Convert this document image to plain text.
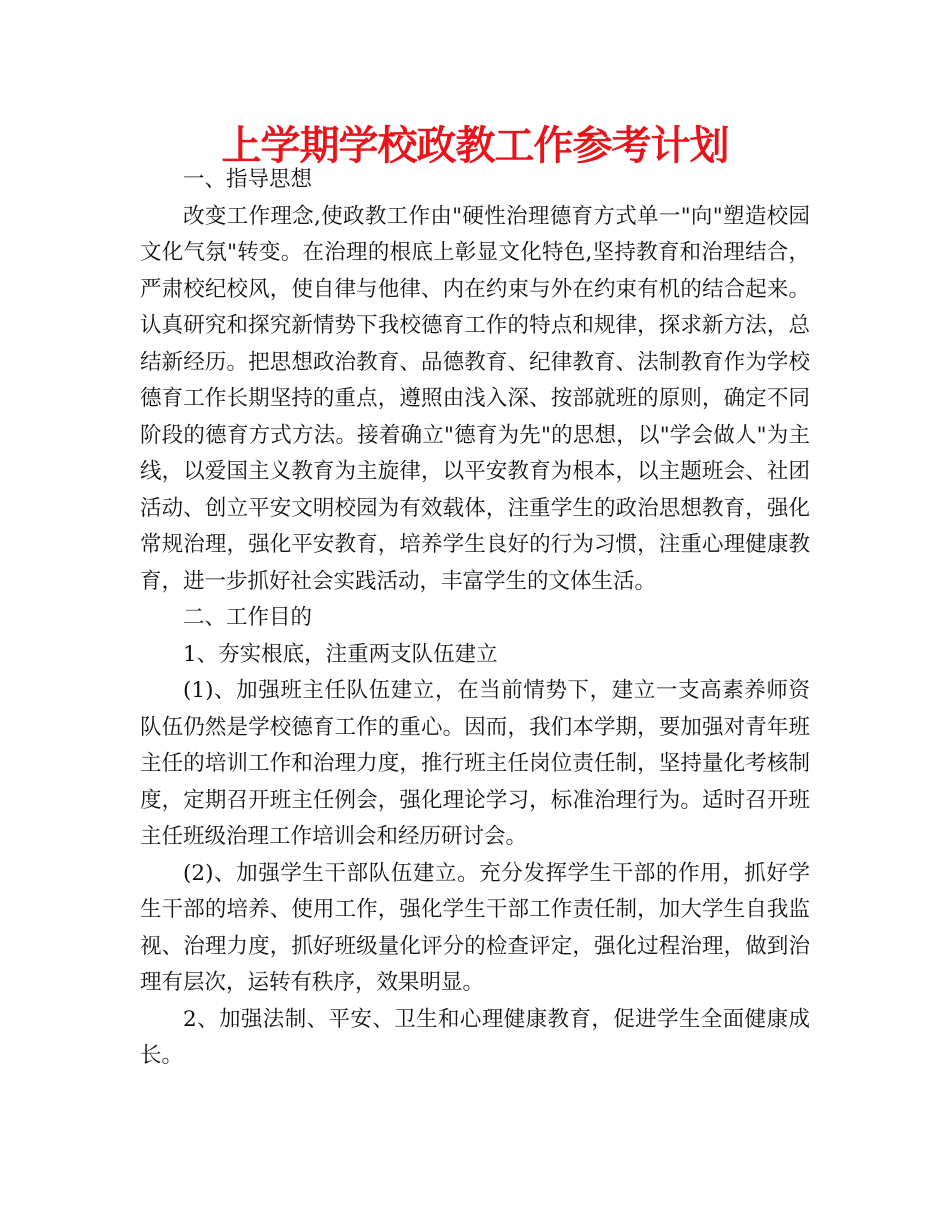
上学期学校政教工作参考计划

一、指导思想

改变工作理念,使政教工作由"硬性治理德育方式单一"向"塑造校园文化气氛"转变。在治理的根底上彰显文化特色,坚持教育和治理结合，严肃校纪校风，使自律与他律、内在约束与外在约束有机的结合起来。认真研究和探究新情势下我校德育工作的特点和规律，探求新方法，总结新经历。把思想政治教育、品德教育、纪律教育、法制教育作为学校德育工作长期坚持的重点，遵照由浅入深、按部就班的原则，确定不同阶段的德育方式方法。接着确立"德育为先"的思想，以"学会做人"为主线，以爱国主义教育为主旋律，以平安教育为根本，以主题班会、社团活动、创立平安文明校园为有效载体，注重学生的政治思想教育，强化常规治理，强化平安教育，培养学生良好的行为习惯，注重心理健康教育，进一步抓好社会实践活动，丰富学生的文体生活。

二、工作目的

1、夯实根底，注重两支队伍建立

(1)、加强班主任队伍建立，在当前情势下，建立一支高素养师资队伍仍然是学校德育工作的重心。因而，我们本学期，要加强对青年班主任的培训工作和治理力度，推行班主任岗位责任制，坚持量化考核制度，定期召开班主任例会，强化理论学习，标准治理行为。适时召开班主任班级治理工作培训会和经历研讨会。

(2)、加强学生干部队伍建立。充分发挥学生干部的作用，抓好学生干部的培养、使用工作，强化学生干部工作责任制，加大学生自我监视、治理力度，抓好班级量化评分的检查评定，强化过程治理，做到治理有层次，运转有秩序，效果明显。

2、加强法制、平安、卫生和心理健康教育，促进学生全面健康成长。
